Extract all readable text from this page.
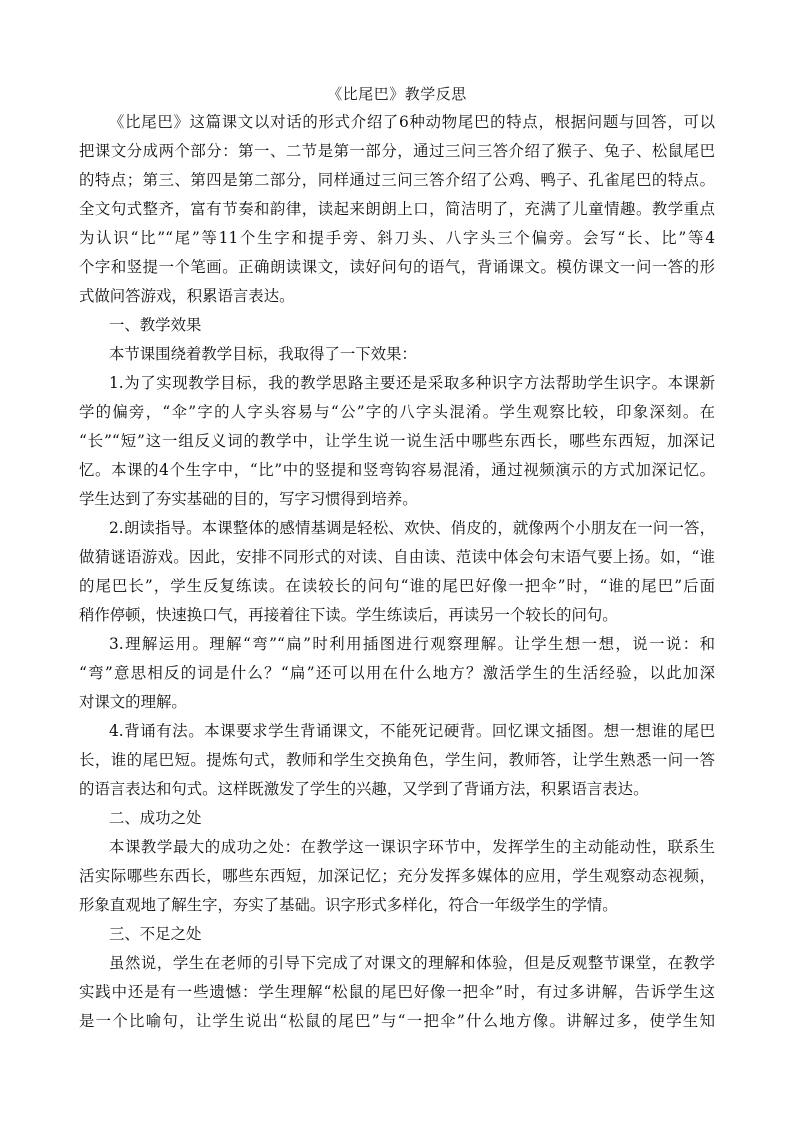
《比尾巴》教学反思
《比尾巴》这篇课文以对话的形式介绍了6种动物尾巴的特点，根据问题与回答，可以
把课文分成两个部分：第一、二节是第一部分，通过三问三答介绍了猴子、兔子、松鼠尾巴
的特点；第三、第四是第二部分，同样通过三问三答介绍了公鸡、鸭子、孔雀尾巴的特点。
全文句式整齐，富有节奏和韵律，读起来朗朗上口，简洁明了，充满了儿童情趣。教学重点
为认识“比”“尾”等11个生字和提手旁、斜刀头、八字头三个偏旁。会写“长、比”等4
个字和竖提一个笔画。正确朗读课文，读好问句的语气，背诵课文。模仿课文一问一答的形
式做问答游戏，积累语言表达。
一、教学效果
本节课围绕着教学目标，我取得了一下效果：
1.为了实现教学目标，我的教学思路主要还是采取多种识字方法帮助学生识字。本课新
学的偏旁，“伞”字的人字头容易与“公”字的八字头混淆。学生观察比较，印象深刻。在
“长”“短”这一组反义词的教学中，让学生说一说生活中哪些东西长，哪些东西短，加深记
忆。本课的4个生字中，“比”中的竖提和竖弯钩容易混淆，通过视频演示的方式加深记忆。
学生达到了夯实基础的目的，写字习惯得到培养。
2.朗读指导。本课整体的感情基调是轻松、欢快、俏皮的，就像两个小朋友在一问一答，
做猜谜语游戏。因此，安排不同形式的对读、自由读、范读中体会句末语气要上扬。如，“谁
的尾巴长”，学生反复练读。在读较长的问句“谁的尾巴好像一把伞”时，“谁的尾巴”后面
稍作停顿，快速换口气，再接着往下读。学生练读后，再读另一个较长的问句。
3.理解运用。理解“弯”“扁”时利用插图进行观察理解。让学生想一想，说一说：和
“弯”意思相反的词是什么？“扁”还可以用在什么地方？激活学生的生活经验，以此加深
对课文的理解。
4.背诵有法。本课要求学生背诵课文，不能死记硬背。回忆课文插图。想一想谁的尾巴
长，谁的尾巴短。提炼句式，教师和学生交换角色，学生问，教师答，让学生熟悉一问一答
的语言表达和句式。这样既激发了学生的兴趣，又学到了背诵方法，积累语言表达。
二、成功之处
本课教学最大的成功之处：在教学这一课识字环节中，发挥学生的主动能动性，联系生
活实际哪些东西长，哪些东西短，加深记忆；充分发挥多媒体的应用，学生观察动态视频，
形象直观地了解生字，夯实了基础。识字形式多样化，符合一年级学生的学情。
三、不足之处
虽然说，学生在老师的引导下完成了对课文的理解和体验，但是反观整节课堂，在教学
实践中还是有一些遗憾：学生理解“松鼠的尾巴好像一把伞”时，有过多讲解，告诉学生这
是一个比喻句，让学生说出“松鼠的尾巴”与“一把伞”什么地方像。讲解过多，使学生知
